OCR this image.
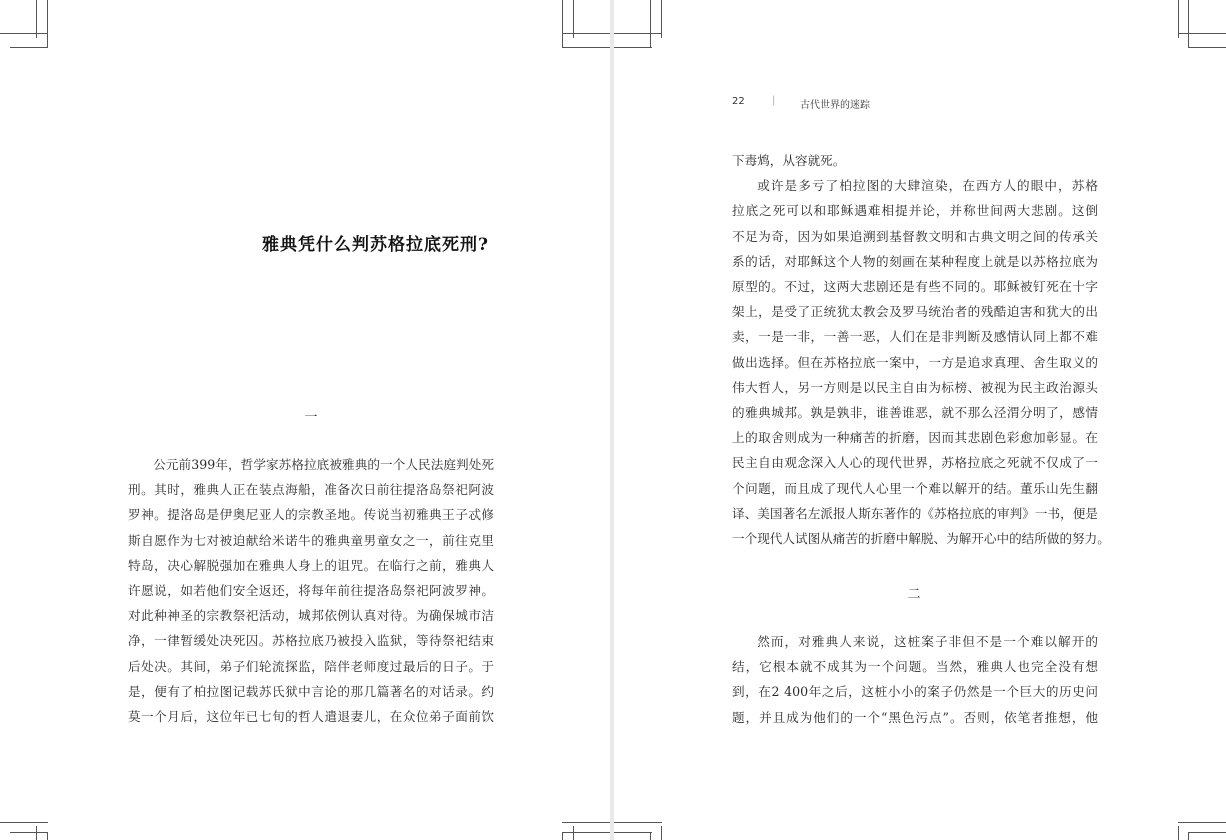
雅典凭什么判苏格拉底死刑?
一
公元前399年，哲学家苏格拉底被雅典的一个人民法庭判处死
刑。其时，雅典人正在装点海船，准备次日前往提洛岛祭祀阿波
罗神。提洛岛是伊奥尼亚人的宗教圣地。传说当初雅典王子忒修
斯自愿作为七对被迫献给米诺牛的雅典童男童女之一，前往克里
特岛，决心解脱强加在雅典人身上的诅咒。在临行之前，雅典人
许愿说，如若他们安全返还，将每年前往提洛岛祭祀阿波罗神。
对此种神圣的宗教祭祀活动，城邦依例认真对待。为确保城市洁
净，一律暂缓处决死囚。苏格拉底乃被投入监狱，等待祭祀结束
后处决。其间，弟子们轮流探监，陪伴老师度过最后的日子。于
是，便有了柏拉图记载苏氏狱中言论的那几篇著名的对话录。约
莫一个月后，这位年已七旬的哲人遣退妻儿，在众位弟子面前饮
22	| 古代世界的迷踪
下毒鸩，从容就死。
或许是多亏了柏拉图的大肆渲染，在西方人的眼中，苏格
拉底之死可以和耶稣遇难相提并论，并称世间两大悲剧。这倒
不足为奇，因为如果追溯到基督教文明和古典文明之间的传承关
系的话，对耶稣这个人物的刻画在某种程度上就是以苏格拉底为
原型的。不过，这两大悲剧还是有些不同的。耶稣被钉死在十字
架上，是受了正统犹太教会及罗马统治者的残酷迫害和犹大的出
卖，一是一非，一善一恶，人们在是非判断及感情认同上都不难
做出选择。但在苏格拉底一案中，一方是追求真理、舍生取义的
伟大哲人，另一方则是以民主自由为标榜、被视为民主政治源头
的雅典城邦。孰是孰非，谁善谁恶，就不那么泾渭分明了，感情
上的取舍则成为一种痛苦的折磨，因而其悲剧色彩愈加彰显。在
民主自由观念深入人心的现代世界，苏格拉底之死就不仅成了一
个问题，而且成了现代人心里一个难以解开的结。董乐山先生翻
译、美国著名左派报人斯东著作的《苏格拉底的审判》一书，便是
一个现代人试图从痛苦的折磨中解脱、为解开心中的结所做的努力。
二
然而，对雅典人来说，这桩案子非但不是一个难以解开的
结，它根本就不成其为一个问题。当然，雅典人也完全没有想
到，在2 400年之后，这桩小小的案子仍然是一个巨大的历史问
题，并且成为他们的一个“黑色污点”。否则，依笔者推想，他
